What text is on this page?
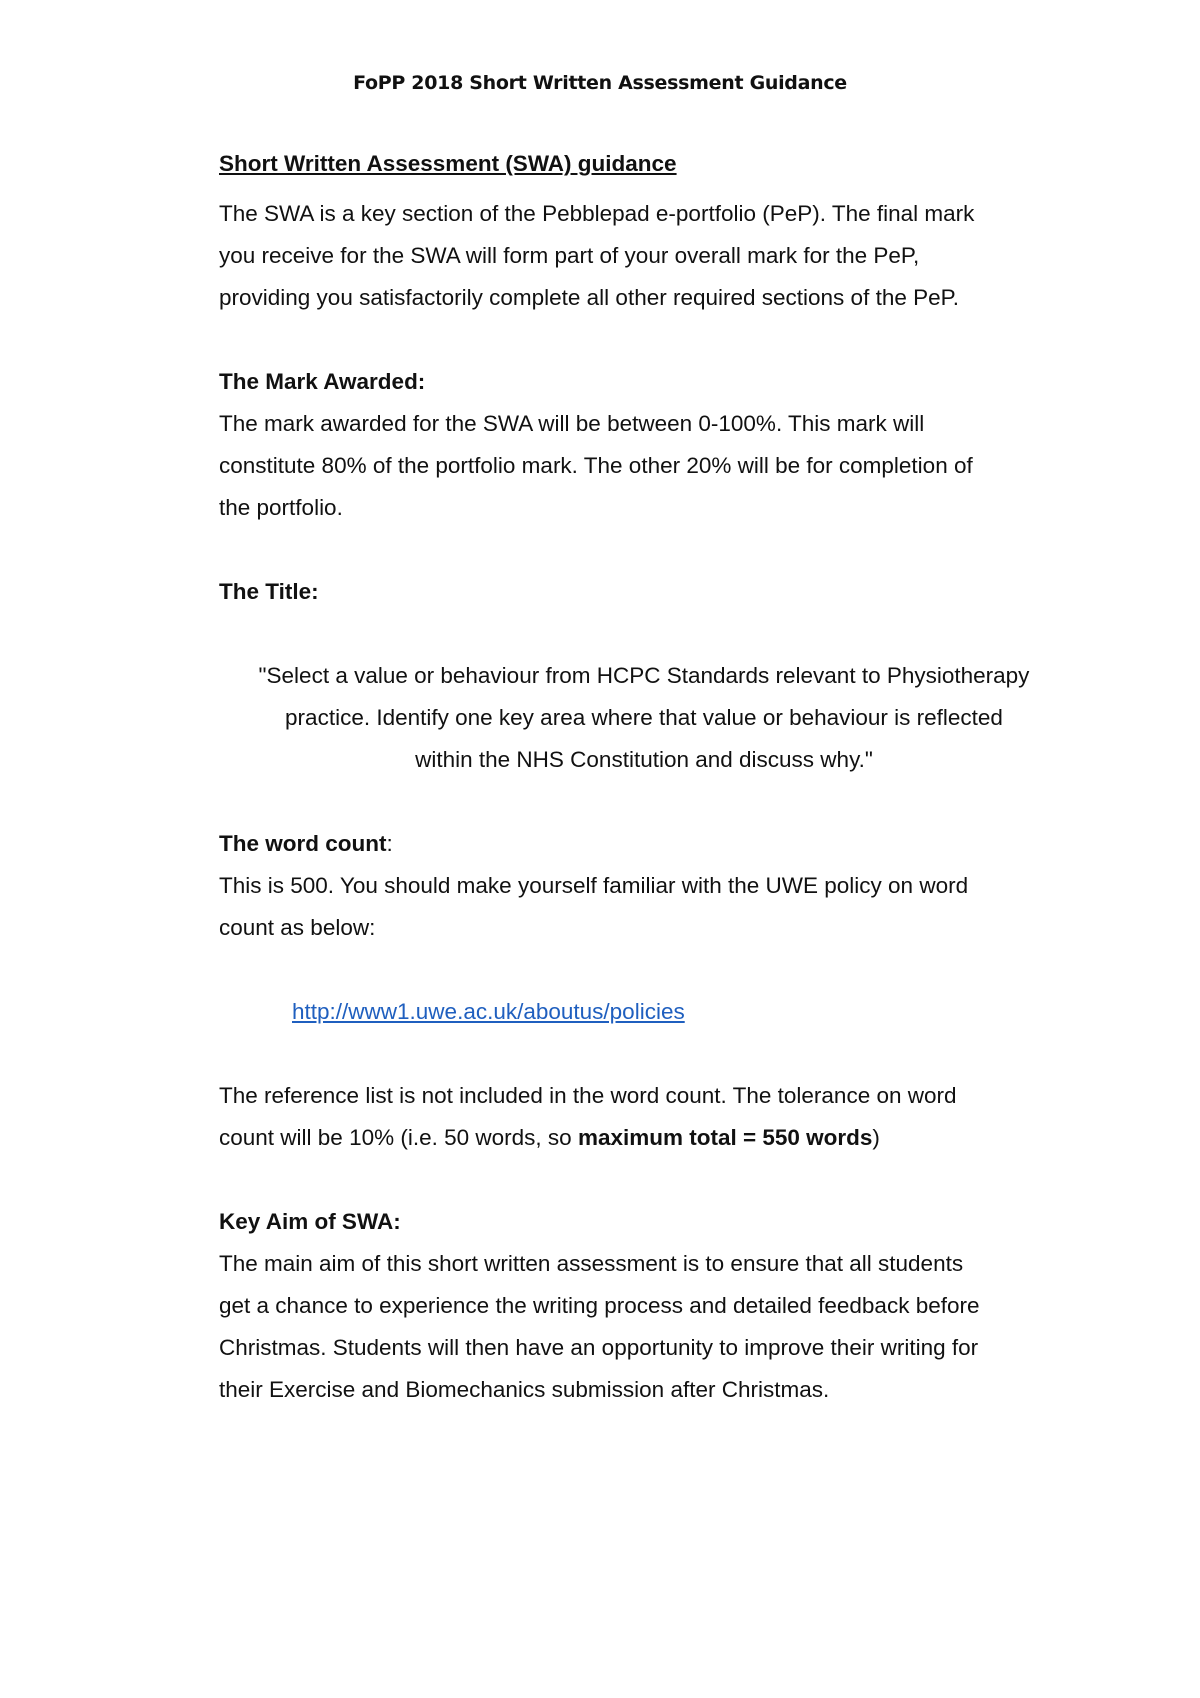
FoPP 2018 Short Written Assessment Guidance

Short Written Assessment (SWA) guidance

The SWA is a key section of the Pebblepad e-portfolio (PeP). The final mark

you receive for the SWA will form part of your overall mark for the PeP,

providing you satisfactorily complete all other required sections of the PeP.

The Mark Awarded:

The mark awarded for the SWA will be between 0-100%. This mark will

constitute 80% of the portfolio mark. The other 20% will be for completion of

the portfolio.

The Title:

"Select a value or behaviour from HCPC Standards relevant to Physiotherapy

practice. Identify one key area where that value or behaviour is reflected

within the NHS Constitution and discuss why."

The word count:

This is 500. You should make yourself familiar with the UWE policy on word

count as below:

http://www1.uwe.ac.uk/aboutus/policies

The reference list is not included in the word count. The tolerance on word

count will be 10% (i.e. 50 words, so maximum total = 550 words)

Key Aim of SWA:

The main aim of this short written assessment is to ensure that all students

get a chance to experience the writing process and detailed feedback before

Christmas. Students will then have an opportunity to improve their writing for

their Exercise and Biomechanics submission after Christmas.
